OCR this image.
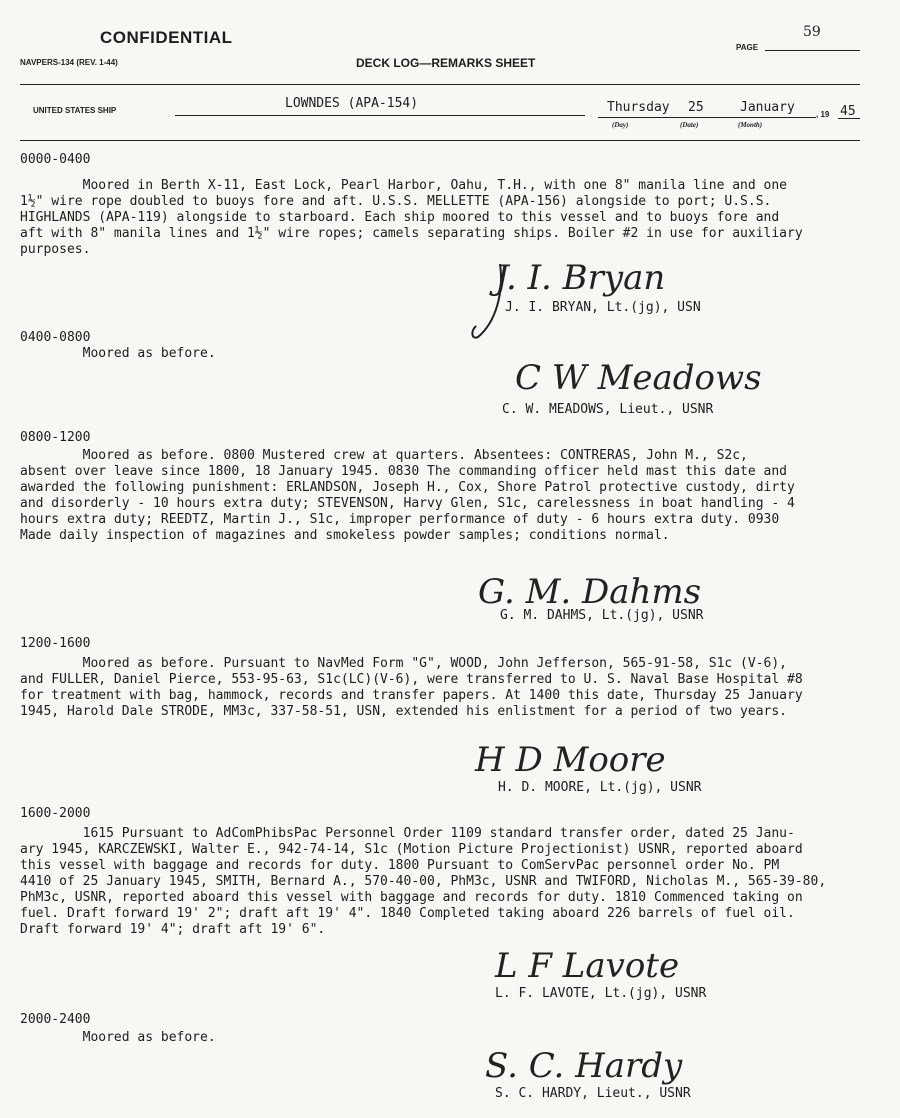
CONFIDENTIAL
NAVPERS-134 (REV. 1-44)	DECK LOG—REMARKS SHEET
PAGE
59
UNITED STATES SHIP	LOWNDES (APA-154)	Thursday 25	January	, 19 45
(Day)	(Date)	(Month)
0000-0400
Moored in Berth X-11, East Lock, Pearl Harbor, Oahu, T.H., with one 8" manila line and one
1½" wire rope doubled to buoys fore and aft. U.S.S. MELLETTE (APA-156) alongside to port; U.S.S.
HIGHLANDS (APA-119) alongside to starboard. Each ship moored to this vessel and to buoys fore and
aft with 8" manila lines and 1½" wire ropes; camels separating ships. Boiler #2 in use for auxiliary
purposes.
J. I. Bryan
J. I. BRYAN, Lt.(jg), USN
0400-0800
Moored as before.
C W Meadows
C. W. MEADOWS, Lieut., USNR
0800-1200
Moored as before. 0800 Mustered crew at quarters. Absentees: CONTRERAS, John M., S2c,
absent over leave since 1800, 18 January 1945. 0830 The commanding officer held mast this date and
awarded the following punishment: ERLANDSON, Joseph H., Cox, Shore Patrol protective custody, dirty
and disorderly - 10 hours extra duty; STEVENSON, Harvy Glen, S1c, carelessness in boat handling - 4
hours extra duty; REEDTZ, Martin J., S1c, improper performance of duty - 6 hours extra duty. 0930
Made daily inspection of magazines and smokeless powder samples; conditions normal.
G. M. Dahms
G. M. DAHMS, Lt.(jg), USNR
1200-1600
Moored as before. Pursuant to NavMed Form "G", WOOD, John Jefferson, 565-91-58, S1c (V-6),
and FULLER, Daniel Pierce, 553-95-63, S1c(LC)(V-6), were transferred to U. S. Naval Base Hospital #8
for treatment with bag, hammock, records and transfer papers. At 1400 this date, Thursday 25 January
1945, Harold Dale STRODE, MM3c, 337-58-51, USN, extended his enlistment for a period of two years.
H D Moore
H. D. MOORE, Lt.(jg), USNR
1600-2000
1615 Pursuant to AdComPhibsPac Personnel Order 1109 standard transfer order, dated 25 Janu-
ary 1945, KARCZEWSKI, Walter E., 942-74-14, S1c (Motion Picture Projectionist) USNR, reported aboard
this vessel with baggage and records for duty. 1800 Pursuant to ComServPac personnel order No. PM
4410 of 25 January 1945, SMITH, Bernard A., 570-40-00, PhM3c, USNR and TWIFORD, Nicholas M., 565-39-80,
PhM3c, USNR, reported aboard this vessel with baggage and records for duty. 1810 Commenced taking on
fuel. Draft forward 19' 2"; draft aft 19' 4". 1840 Completed taking aboard 226 barrels of fuel oil.
Draft forward 19' 4"; draft aft 19' 6".
L F Lavote
L. F. LAVOTE, Lt.(jg), USNR
2000-2400
Moored as before.
S. C. Hardy
S. C. HARDY, Lieut., USNR
